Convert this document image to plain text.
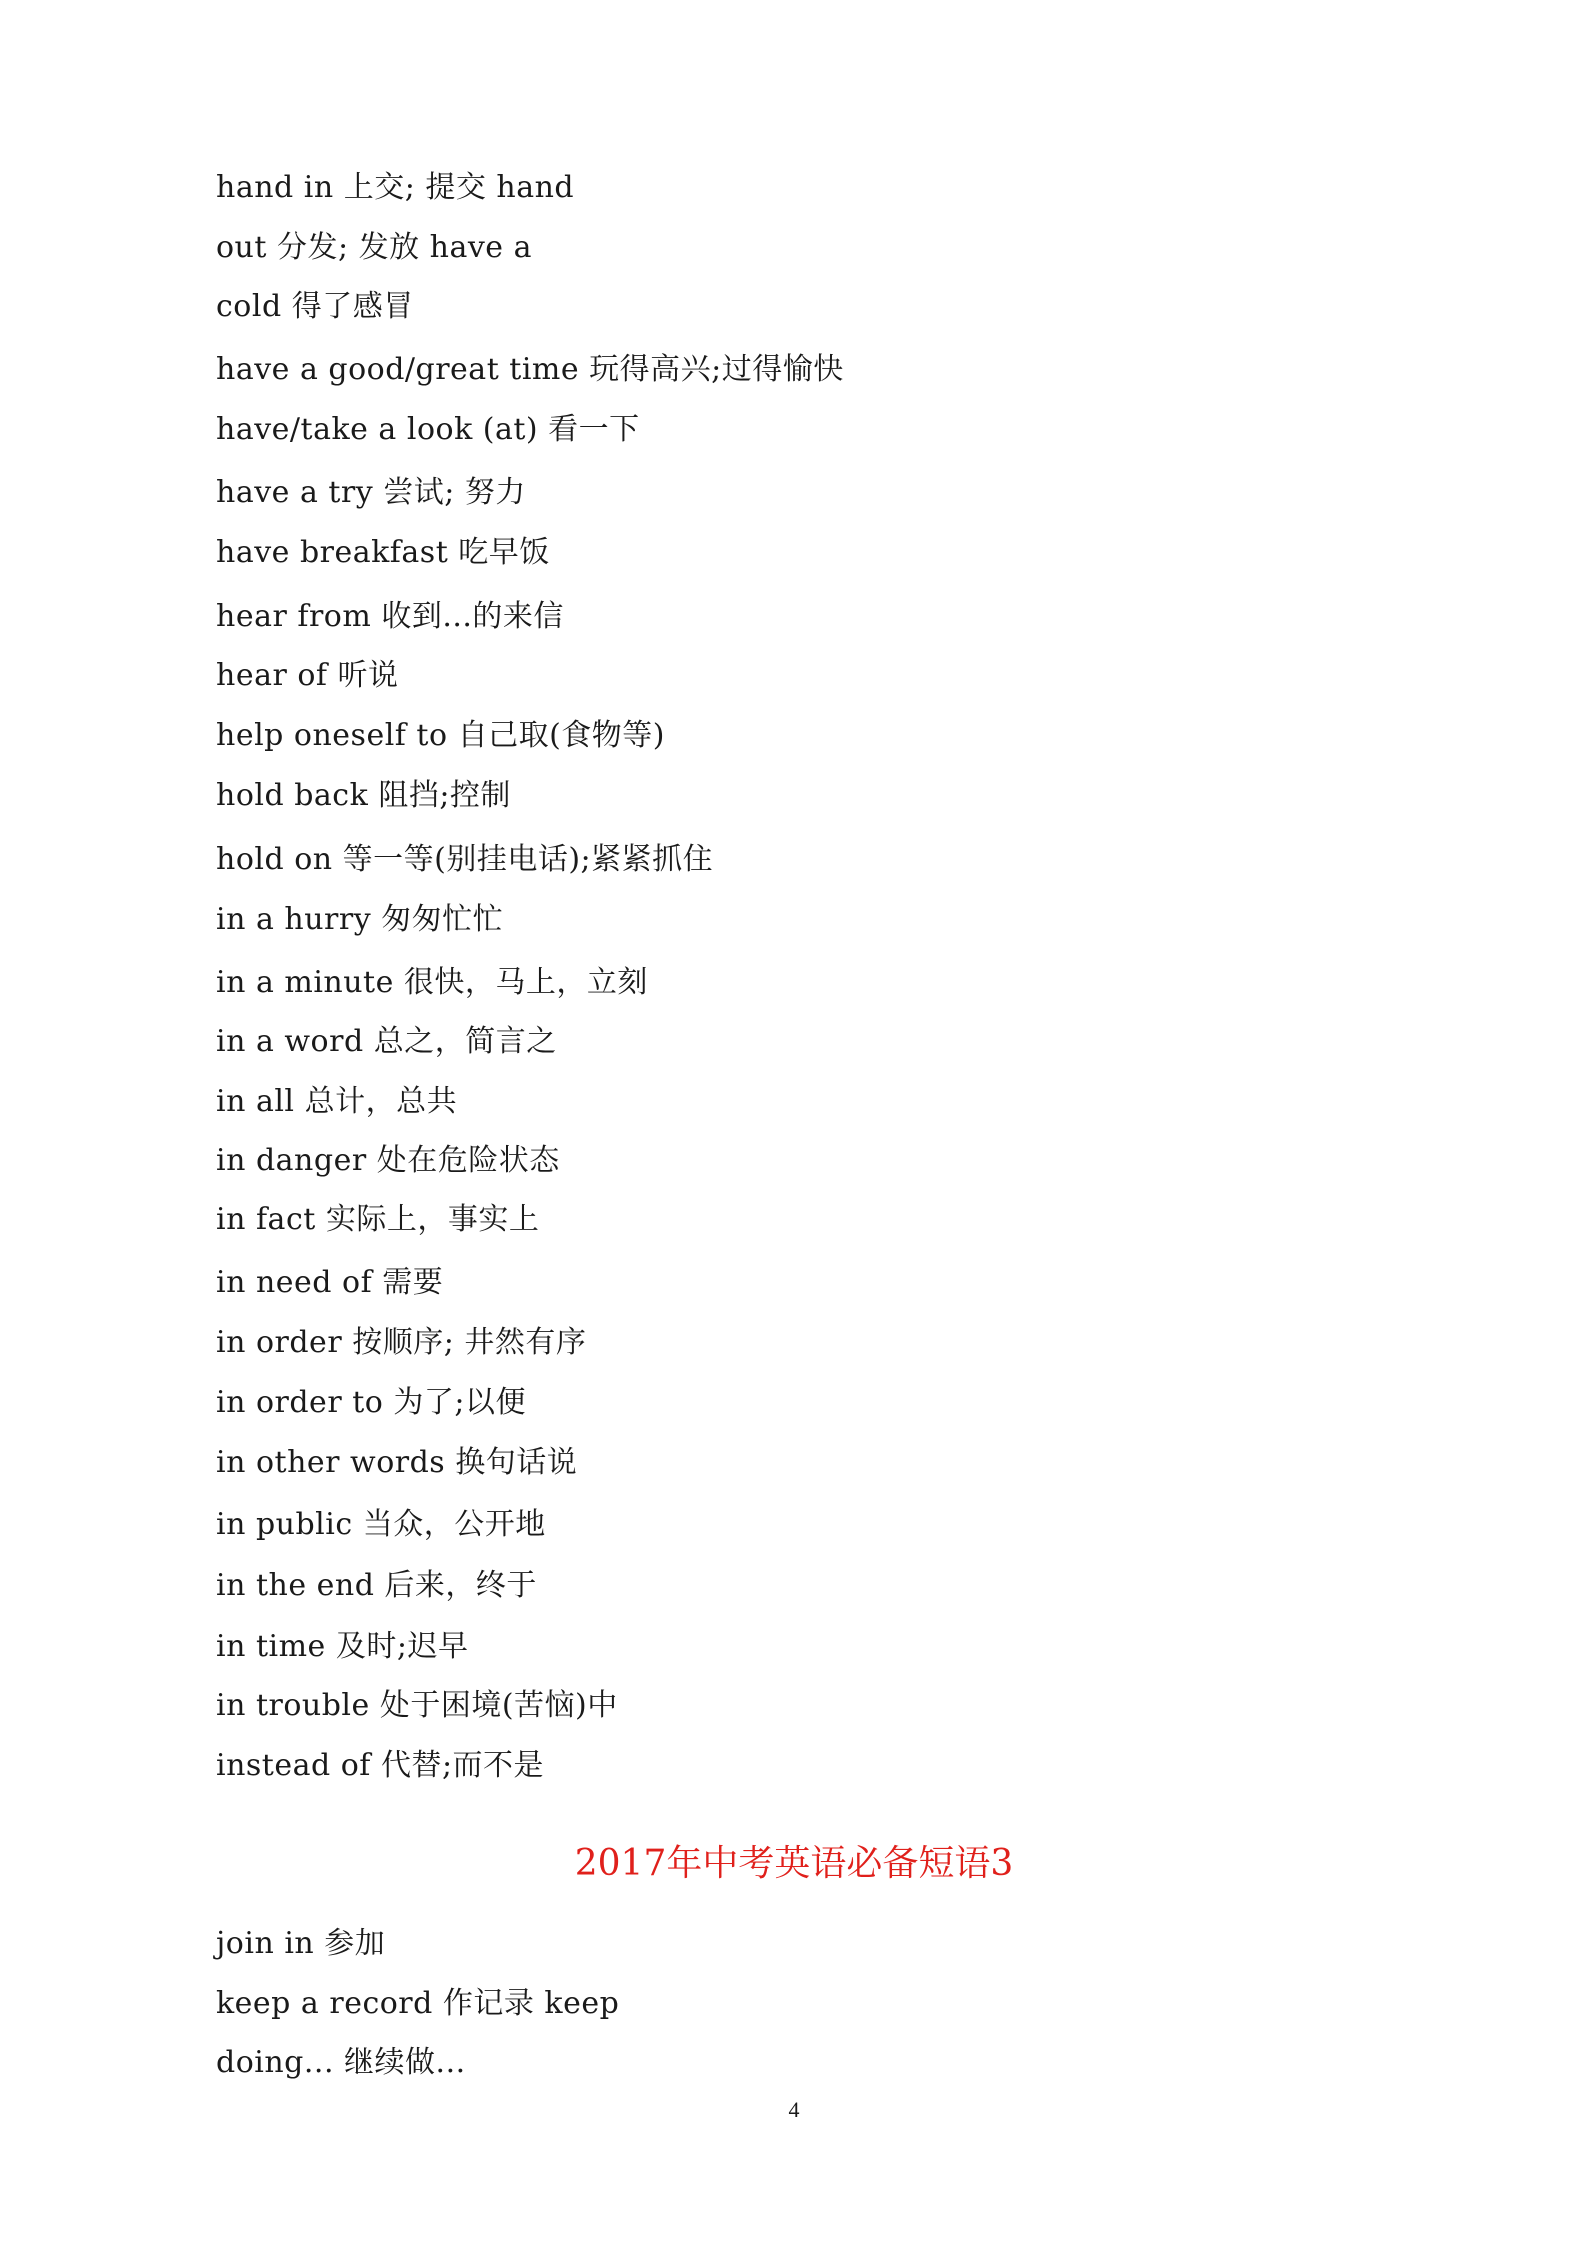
hand in 上交; 提交 hand
out 分发; 发放 have a
cold 得了感冒
have a good/great time 玩得高兴;过得愉快
have/take a look (at) 看一下
have a try 尝试; 努力
have breakfast 吃早饭
hear from 收到...的来信
hear of 听说
help oneself to 自己取(食物等)
hold back 阻挡;控制
hold on 等一等(别挂电话);紧紧抓住
in a hurry 匆匆忙忙
in a minute 很快，马上，立刻
in a word 总之，简言之
in all 总计，总共
in danger 处在危险状态
in fact 实际上，事实上
in need of 需要
in order 按顺序; 井然有序
in order to 为了;以便
in other words 换句话说
in public 当众，公开地
in the end 后来，终于
in time 及时;迟早
in trouble 处于困境(苦恼)中
instead of 代替;而不是
2017年中考英语必备短语3
join in 参加
keep a record 作记录 keep
doing... 继续做...
4
